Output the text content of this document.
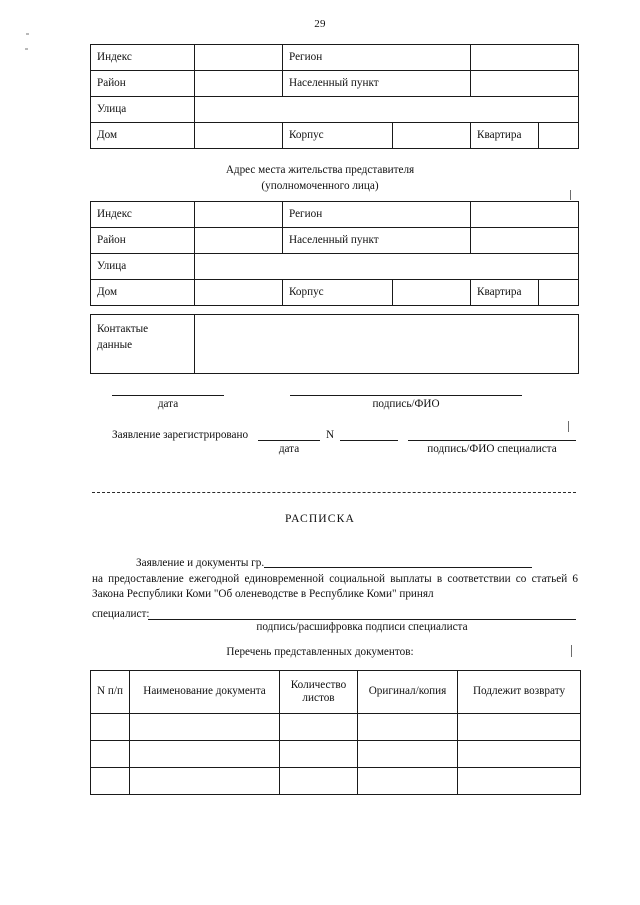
29
Индекс		Регион			
Район		Населенный пункт			
Улица					
Дом		Корпус		Квартира	
Адрес места жительства представителя
(уполномоченного лица)
Индекс		Регион			
Район		Населенный пункт			
Улица					
Дом		Корпус		Квартира	
Контактые
данные	
дата	подпись/ФИО
Заявление зарегистрировано
дата
N
подпись/ФИО специалиста
РАСПИСКА
Заявление и документы гр.
на предоставление ежегодной единовременной социальной выплаты в соответствии со статьей 6 Закона Республики Коми "Об оленеводстве в Республике Коми" принял
специалист:
подпись/расшифровка подписи специалиста
Перечень представленных документов:
N п/п	Наименование документа	Количество листов	Оригинал/копия	Подлежит возврату
